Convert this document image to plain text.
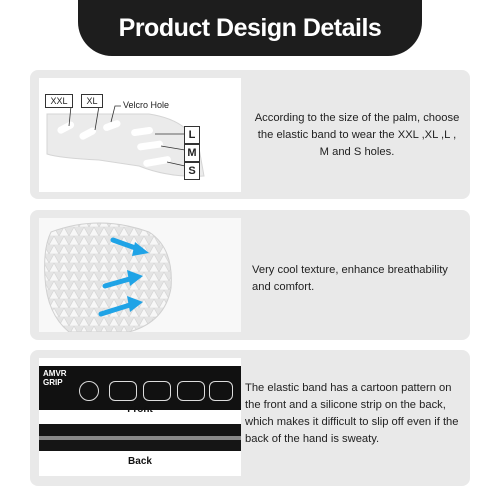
Product Design Details
XXL	XL	Velcro Hole
L
M
S
According to the size of the palm, choose the elastic band to wear the XXL ,XL ,L , M and S holes.
Very cool texture, enhance breathability and comfort.
AMVR
GRIP
Front
Back
The elastic band has a cartoon pattern on the front and a silicone strip on the back, which makes it difficult to slip off even if the back of the hand is sweaty.
